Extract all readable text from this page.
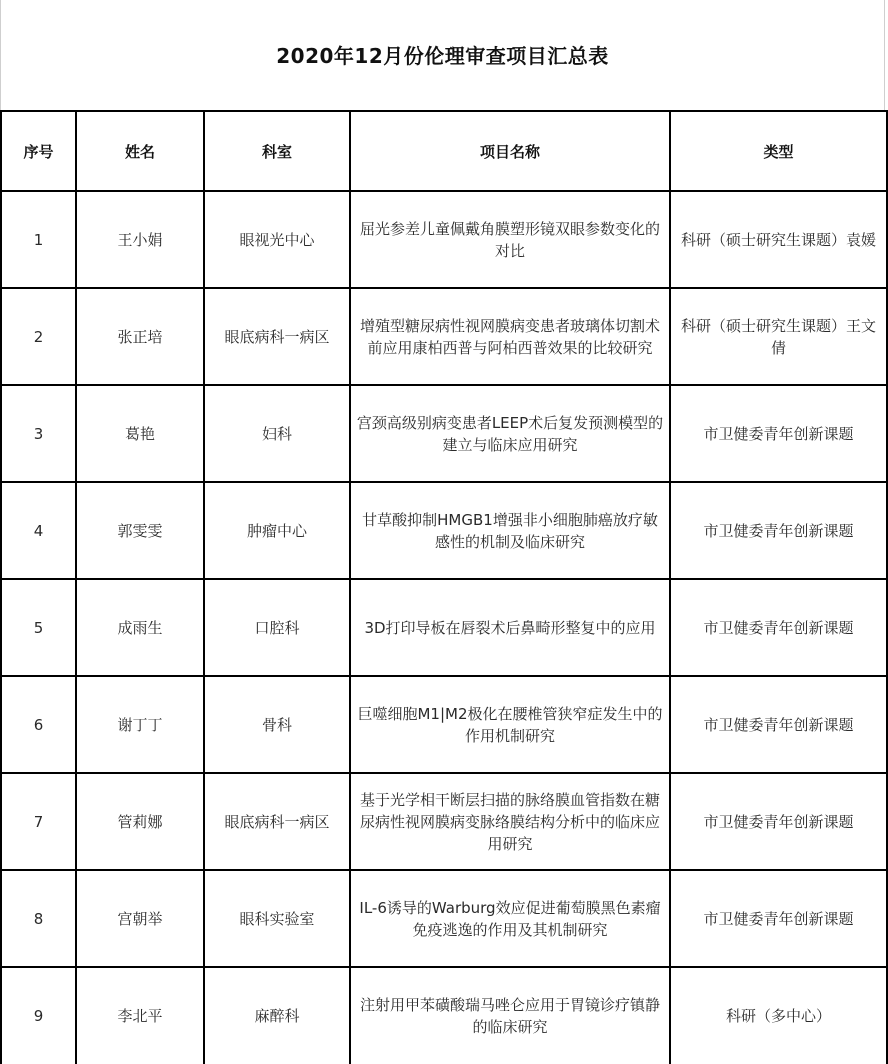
2020年12月份伦理审查项目汇总表
序号	姓名	科室	项目名称	类型
1	王小娟	眼视光中心	屈光参差儿童佩戴角膜塑形镜双眼参数变化的对比	科研（硕士研究生课题）袁媛
2	张正培	眼底病科一病区	增殖型糖尿病性视网膜病变患者玻璃体切割术前应用康柏西普与阿柏西普效果的比较研究	科研（硕士研究生课题）王文倩
3	葛艳	妇科	宫颈高级别病变患者LEEP术后复发预测模型的建立与临床应用研究	市卫健委青年创新课题
4	郭雯雯	肿瘤中心	甘草酸抑制HMGB1增强非小细胞肺癌放疗敏感性的机制及临床研究	市卫健委青年创新课题
5	成雨生	口腔科	3D打印导板在唇裂术后鼻畸形整复中的应用	市卫健委青年创新课题
6	谢丁丁	骨科	巨噬细胞M1|M2极化在腰椎管狭窄症发生中的作用机制研究	市卫健委青年创新课题
7	管莉娜	眼底病科一病区	基于光学相干断层扫描的脉络膜血管指数在糖尿病性视网膜病变脉络膜结构分析中的临床应用研究	市卫健委青年创新课题
8	宫朝举	眼科实验室	IL-6诱导的Warburg效应促进葡萄膜黑色素瘤免疫逃逸的作用及其机制研究	市卫健委青年创新课题
9	李北平	麻醉科	注射用甲苯磺酸瑞马唑仑应用于胃镜诊疗镇静的临床研究	科研（多中心）
